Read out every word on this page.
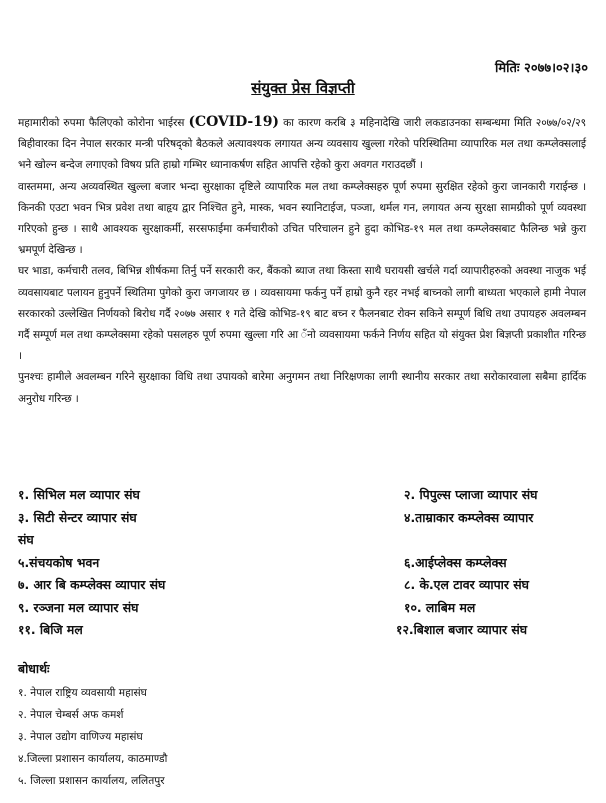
मितिः २०७७।०२।३०
संयुक्त प्रेस विज्ञप्ती

महामारीको रुपमा फैलिएको कोरोना भाईरस (COVID-19) का कारण करबि ३ महिनादेखि जारी लकडाउनका सम्बन्धमा मिति २०७७/०२/२९ बिहीवारका दिन नेपाल सरकार मन्त्री परिषद्को बैठकले अत्यावश्यक लगायत अन्य व्यवसाय खुल्ला गरेको परिस्थितिमा व्यापारिक मल तथा कम्प्लेक्सलाई भने खोल्न बन्देज लगाएको विषय प्रति हाम्रो गम्भिर ध्यानाकर्षण सहित आपत्ति रहेको कुरा अवगत गराउदछौं ।

वास्तममा, अन्य अव्यवस्थित खुल्ला बजार भन्दा सुरक्षाका दृष्टिले व्यापारिक मल तथा कम्प्लेक्सहरु पूर्ण रुपमा सुरक्षित रहेको कुरा जानकारी गराईन्छ । किनकी एउटा भवन भित्र प्रवेश तथा बाहृय द्वार निश्चित हुने, मास्क, भवन स्यानिटाईज, पञ्जा, थर्मल गन, लगायत अन्य सुरक्षा सामग्रीको पूर्ण व्यवस्था गरिएको हुन्छ । साथै आवश्यक सुरक्षाकर्मी, सरसफाईमा कर्मचारीको उचित परिचालन हुने हुदा कोभिड-१९ मल तथा कम्प्लेक्सबाट फैलिन्छ भन्ने कुरा भ्रमपूर्ण देखिन्छ ।

घर भाडा, कर्मचारी तलव, बिभिन्न शीर्षकमा तिर्नु पर्ने सरकारी कर, बैंकको ब्याज तथा किस्ता साथै घरायसी खर्चले गर्दा व्यापारीहरुको अवस्था नाजुक भई व्यवसायबाट पलायन हुनुपर्ने स्थितिमा पुगेको कुरा जगजायर छ । व्यवसायमा फर्कनु पर्ने हाम्रो कुनै रहर नभई बाच्नको लागी बाध्यता भएकाले हामी नेपाल सरकारको उल्लेखित निर्णयको बिरोध गर्दै २०७७ असार १ गते देखि कोभिड-१९ बाट बच्न र फैलनबाट रोक्न सकिने सम्पूर्ण बिधि तथा उपायहरु अवलम्बन गर्दै सम्पूर्ण मल तथा कम्प्लेक्समा रहेको पसलहरु पूर्ण रुपमा खुल्ला गरि आ ँनो व्यवसायमा फर्कने निर्णय सहित यो संयुक्त प्रेश बिज्ञप्ती प्रकाशीत गरिन्छ ।

पुनश्चः हामीले अवलम्बन गरिने सुरक्षाका विधि तथा उपायको बारेमा अनुगमन तथा निरिक्षणका लागी स्थानीय सरकार तथा सरोकारवाला सबैमा हार्दिक अनुरोध गरिन्छ ।

१. सिभिल मल व्यापार संघ	२. पिपुल्स प्लाजा व्यापार संघ
३. सिटी सेन्टर व्यापार संघ	४.ताम्राकार कम्प्लेक्स व्यापार
संघ
५.संचयकोष भवन	६.आईप्लेक्स कम्प्लेक्स
७. आर बि कम्प्लेक्स व्यापार संघ	८. के.एल टावर व्यापार संघ
९. रञ्जना मल व्यापार संघ	१०. लाबिम मल
११. बिजि मल	१२.बिशाल बजार व्यापार संघ
बोधार्थः
१. नेपाल राष्ट्रिय व्यवसायी महासंघ
२. नेपाल चेम्बर्स अफ कमर्श
३. नेपाल उद्योग वाणिज्य महासंघ
४.जिल्ला प्रशासन कार्यालय, काठमाण्डौ
५. जिल्ला प्रशासन कार्यालय, ललितपुर
